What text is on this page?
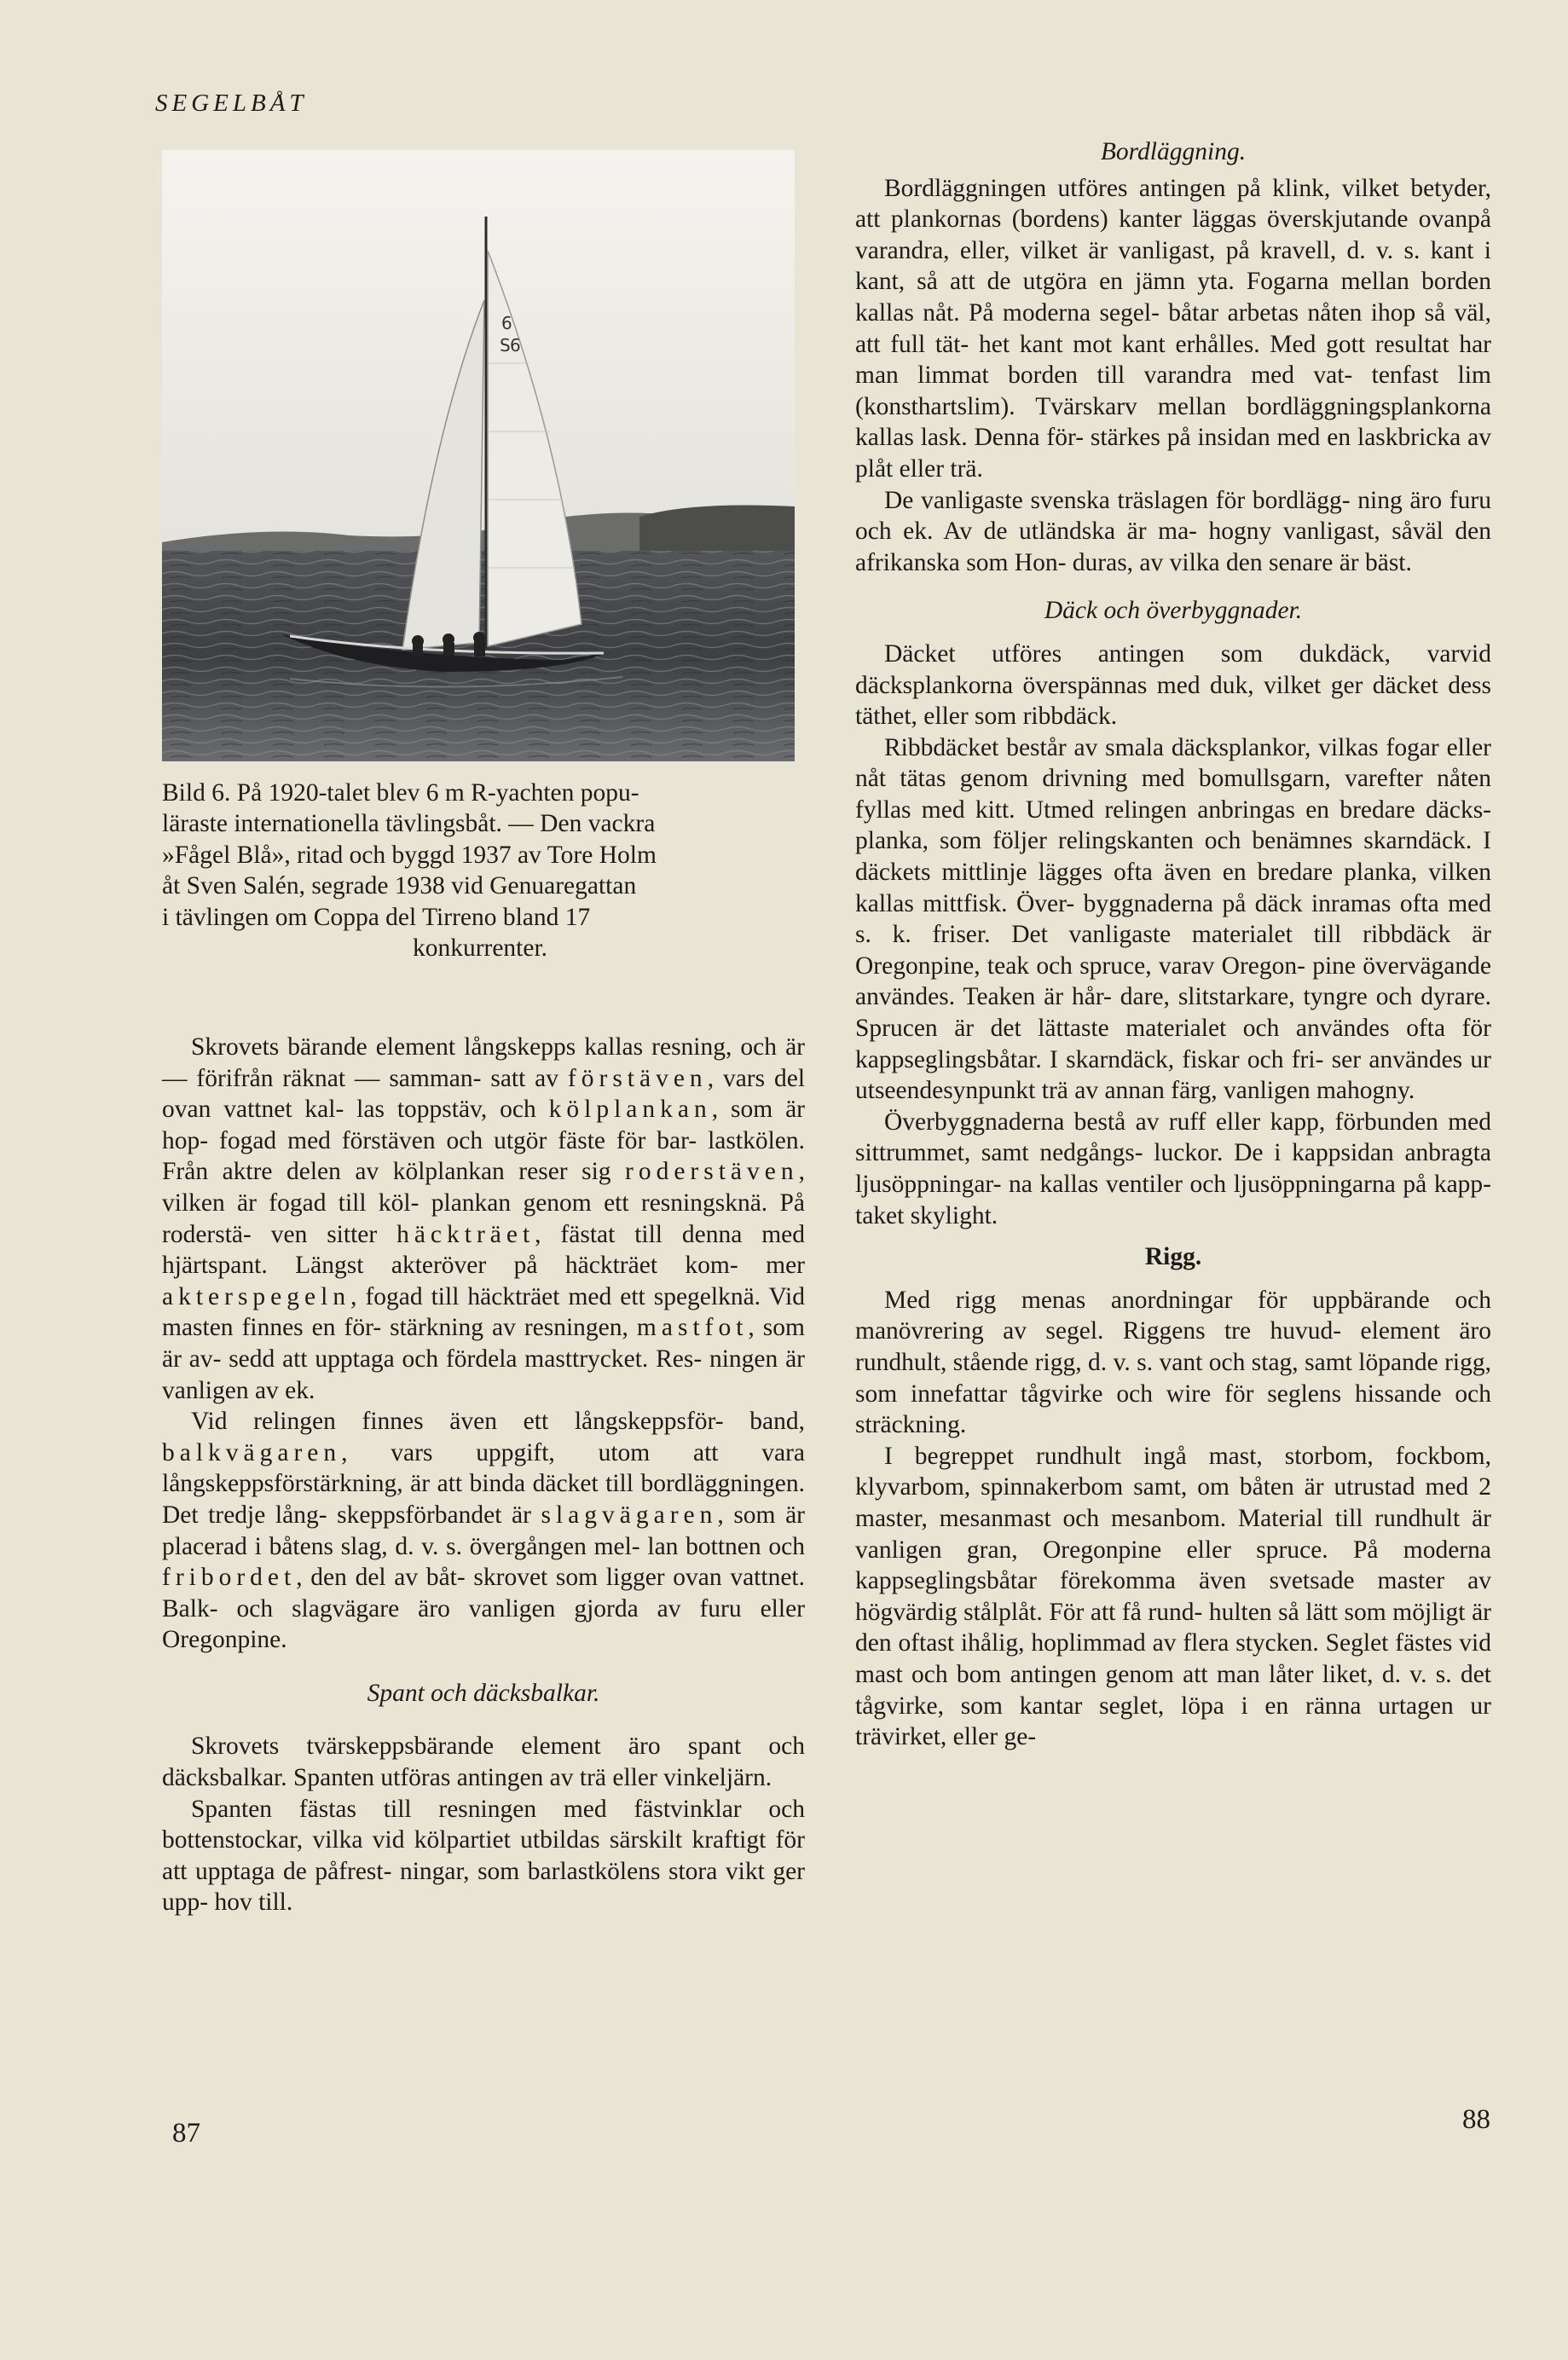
SEGELBÅT
6
S 6
Bild 6. På 1920-talet blev 6 m R-yachten popu-
läraste internationella tävlingsbåt. — Den vackra
»Fågel Blå», ritad och byggd 1937 av Tore Holm
åt Sven Salén, segrade 1938 vid Genuaregattan
i tävlingen om Coppa del Tirreno bland 17
konkurrenter.

Skrovets bärande element långskepps kallas resning, och är — förifrån räknat — samman- satt av förstäven, vars del ovan vattnet kal- las toppstäv, och kölplankan, som är hop- fogad med förstäven och utgör fäste för bar- lastkölen. Från aktre delen av kölplankan reser sig roderstäven, vilken är fogad till köl- plankan genom ett resningsknä. På roderstä- ven sitter häckträet, fästat till denna med hjärtspant. Längst akteröver på häckträet kom- mer akterspegeln, fogad till häckträet med ett spegelknä. Vid masten finnes en för- stärkning av resningen, mastfot, som är av- sedd att upptaga och fördela masttrycket. Res- ningen är vanligen av ek.

Vid relingen finnes även ett långskeppsför- band, balkvägaren, vars uppgift, utom att vara långskeppsförstärkning, är att binda däcket till bordläggningen. Det tredje lång- skeppsförbandet är slagvägaren, som är placerad i båtens slag, d. v. s. övergången mel- lan bottnen och fribordet, den del av båt- skrovet som ligger ovan vattnet. Balk- och slagvägare äro vanligen gjorda av furu eller Oregonpine.

Spant och däcksbalkar.

Skrovets tvärskeppsbärande element äro spant och däcksbalkar. Spanten utföras antingen av trä eller vinkeljärn.

Spanten fästas till resningen med fästvinklar och bottenstockar, vilka vid kölpartiet utbildas särskilt kraftigt för att upptaga de påfrest- ningar, som barlastkölens stora vikt ger upp- hov till.

Bordläggning.

Bordläggningen utföres antingen på klink, vilket betyder, att plankornas (bordens) kanter läggas överskjutande ovanpå varandra, eller, vilket är vanligast, på kravell, d. v. s. kant i kant, så att de utgöra en jämn yta. Fogarna mellan borden kallas nåt. På moderna segel- båtar arbetas nåten ihop så väl, att full tät- het kant mot kant erhålles. Med gott resultat har man limmat borden till varandra med vat- tenfast lim (konsthartslim). Tvärskarv mellan bordläggningsplankorna kallas lask. Denna för- stärkes på insidan med en laskbricka av plåt eller trä.

De vanligaste svenska träslagen för bordlägg- ning äro furu och ek. Av de utländska är ma- hogny vanligast, såväl den afrikanska som Hon- duras, av vilka den senare är bäst.

Däck och överbyggnader.

Däcket utföres antingen som dukdäck, varvid däcksplankorna överspännas med duk, vilket ger däcket dess täthet, eller som ribbdäck.

Ribbdäcket består av smala däcksplankor, vilkas fogar eller nåt tätas genom drivning med bomullsgarn, varefter nåten fyllas med kitt. Utmed relingen anbringas en bredare däcks- planka, som följer relingskanten och benämnes skarndäck. I däckets mittlinje lägges ofta även en bredare planka, vilken kallas mittfisk. Över- byggnaderna på däck inramas ofta med s. k. friser. Det vanligaste materialet till ribbdäck är Oregonpine, teak och spruce, varav Oregon- pine övervägande användes. Teaken är hår- dare, slitstarkare, tyngre och dyrare. Sprucen är det lättaste materialet och användes ofta för kappseglingsbåtar. I skarndäck, fiskar och fri- ser användes ur utseendesynpunkt trä av annan färg, vanligen mahogny.

Överbyggnaderna bestå av ruff eller kapp, förbunden med sittrummet, samt nedgångs- luckor. De i kappsidan anbragta ljusöppningar- na kallas ventiler och ljusöppningarna på kapp- taket skylight.

Rigg.

Med rigg menas anordningar för uppbärande och manövrering av segel. Riggens tre huvud- element äro rundhult, stående rigg, d. v. s. vant och stag, samt löpande rigg, som innefattar tågvirke och wire för seglens hissande och sträckning.

I begreppet rundhult ingå mast, storbom, fockbom, klyvarbom, spinnakerbom samt, om båten är utrustad med 2 master, mesanmast och mesanbom. Material till rundhult är vanligen gran, Oregonpine eller spruce. På moderna kappseglingsbåtar förekomma även svetsade master av högvärdig stålplåt. För att få rund- hulten så lätt som möjligt är den oftast ihålig, hoplimmad av flera stycken. Seglet fästes vid mast och bom antingen genom att man låter liket, d. v. s. det tågvirke, som kantar seglet, löpa i en ränna urtagen ur trävirket, eller ge-

87	88
